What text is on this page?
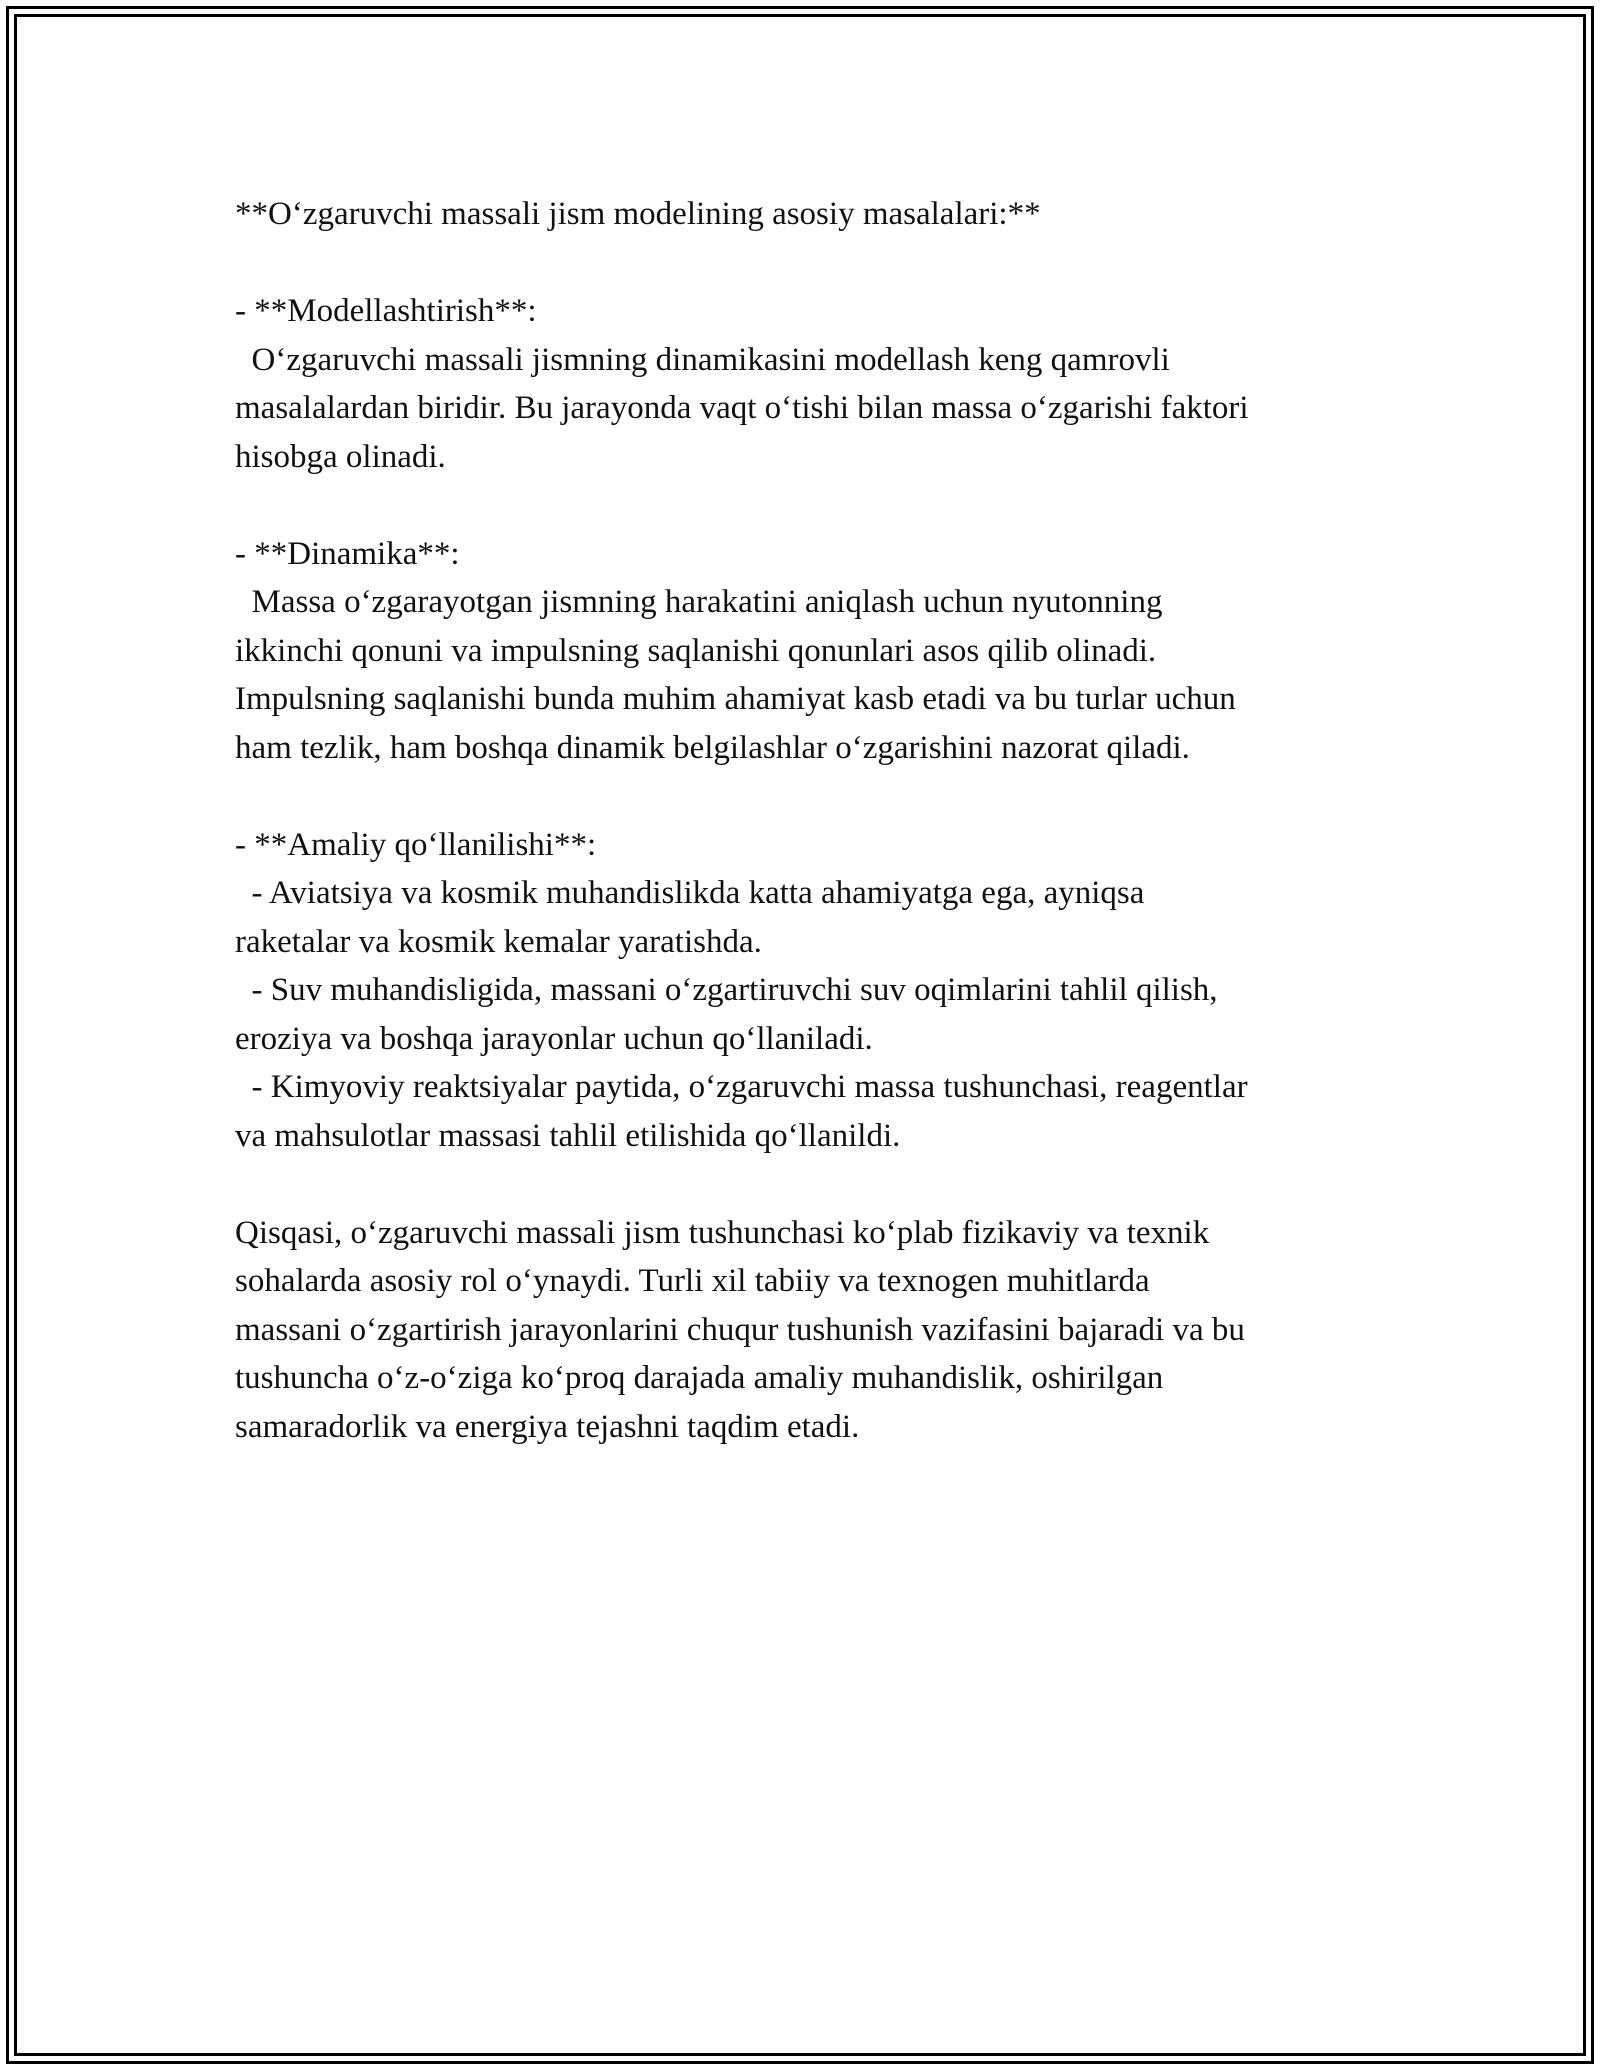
**O‘zgaruvchi massali jism modelining asosiy masalalari:**
- **Modellashtirish**:
O‘zgaruvchi massali jismning dinamikasini modellash keng qamrovli
masalalardan biridir. Bu jarayonda vaqt o‘tishi bilan massa o‘zgarishi faktori
hisobga olinadi.
- **Dinamika**:
Massa o‘zgarayotgan jismning harakatini aniqlash uchun nyutonning
ikkinchi qonuni va impulsning saqlanishi qonunlari asos qilib olinadi.
Impulsning saqlanishi bunda muhim ahamiyat kasb etadi va bu turlar uchun
ham tezlik, ham boshqa dinamik belgilashlar o‘zgarishini nazorat qiladi.
- **Amaliy qo‘llanilishi**:
- Aviatsiya va kosmik muhandislikda katta ahamiyatga ega, ayniqsa
raketalar va kosmik kemalar yaratishda.
- Suv muhandisligida, massani o‘zgartiruvchi suv oqimlarini tahlil qilish,
eroziya va boshqa jarayonlar uchun qo‘llaniladi.
- Kimyoviy reaktsiyalar paytida, o‘zgaruvchi massa tushunchasi, reagentlar
va mahsulotlar massasi tahlil etilishida qo‘llanildi.
Qisqasi, o‘zgaruvchi massali jism tushunchasi ko‘plab fizikaviy va texnik
sohalarda asosiy rol o‘ynaydi. Turli xil tabiiy va texnogen muhitlarda
massani o‘zgartirish jarayonlarini chuqur tushunish vazifasini bajaradi va bu
tushuncha o‘z-o‘ziga ko‘proq darajada amaliy muhandislik, oshirilgan
samaradorlik va energiya tejashni taqdim etadi.
